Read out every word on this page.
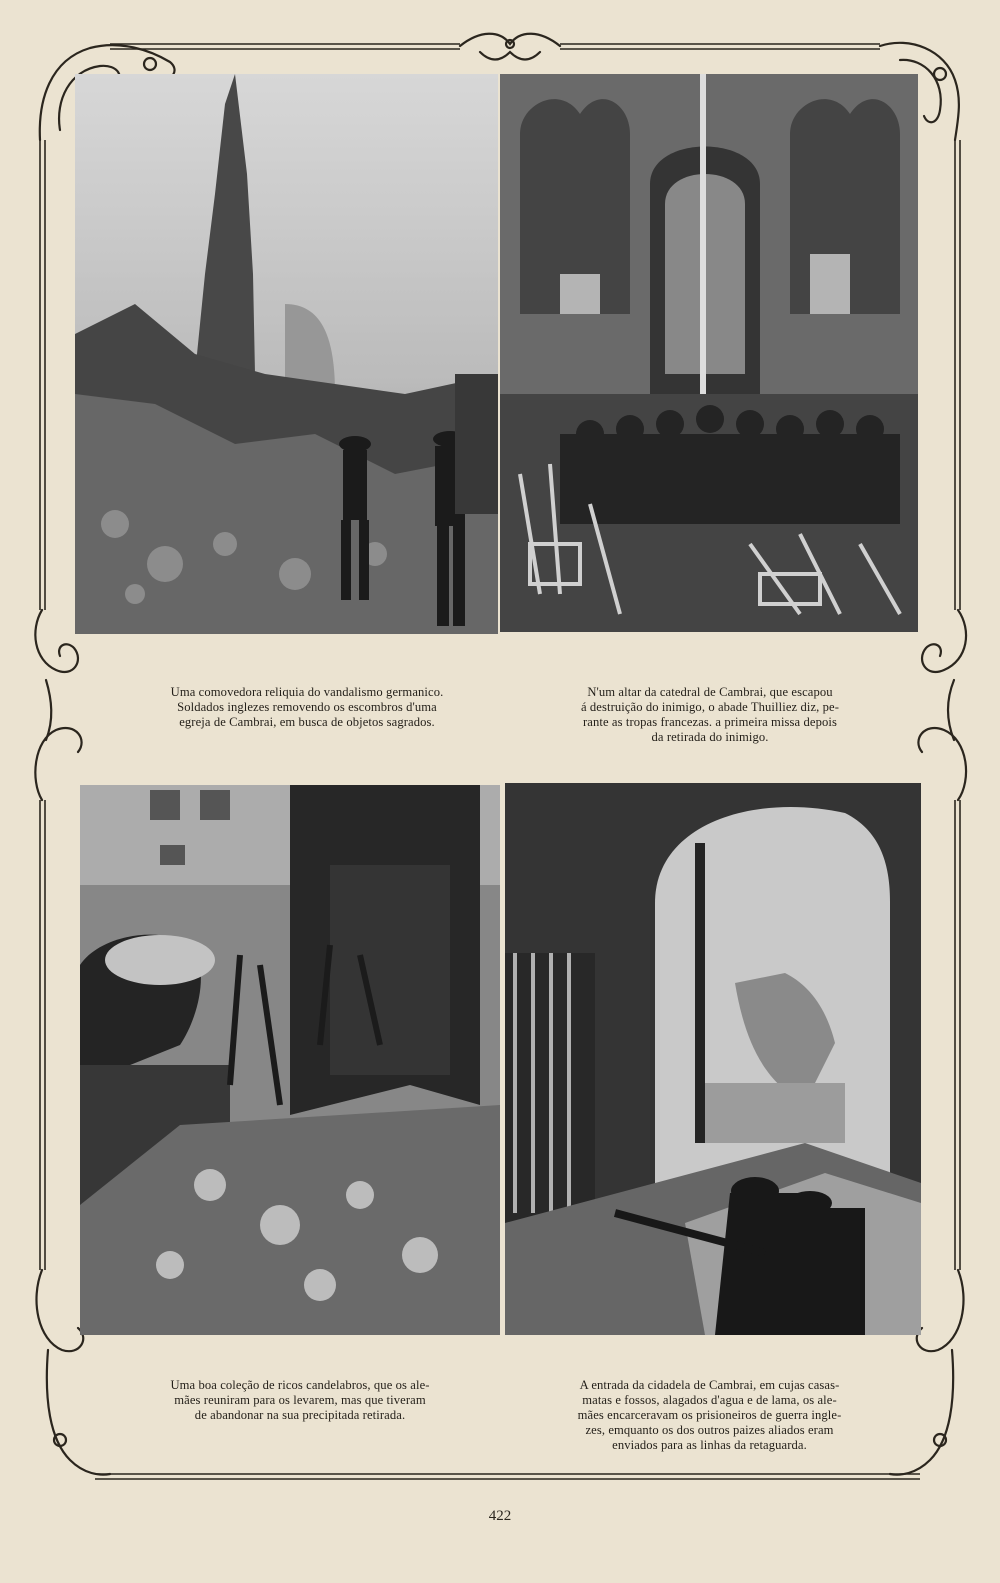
Uma comovedora reliquia do vandalismo germanico.
Soldados inglezes removendo os escombros d'uma
egreja de Cambrai, em busca de objetos sagrados.
N'um altar da catedral de Cambrai, que escapou
á destruição do inimigo, o abade Thuilliez diz, pe-
rante as tropas francezas. a primeira missa depois
da retirada do inimigo.
Uma boa coleção de ricos candelabros, que os ale-
mães reuniram para os levarem, mas que tiveram
de abandonar na sua precipitada retirada.
A entrada da cidadela de Cambrai, em cujas casas-
matas e fossos, alagados d'agua e de lama, os ale-
mães encarceravam os prisioneiros de guerra ingle-
zes, emquanto os dos outros paizes aliados eram
enviados para as linhas da retaguarda.
422
